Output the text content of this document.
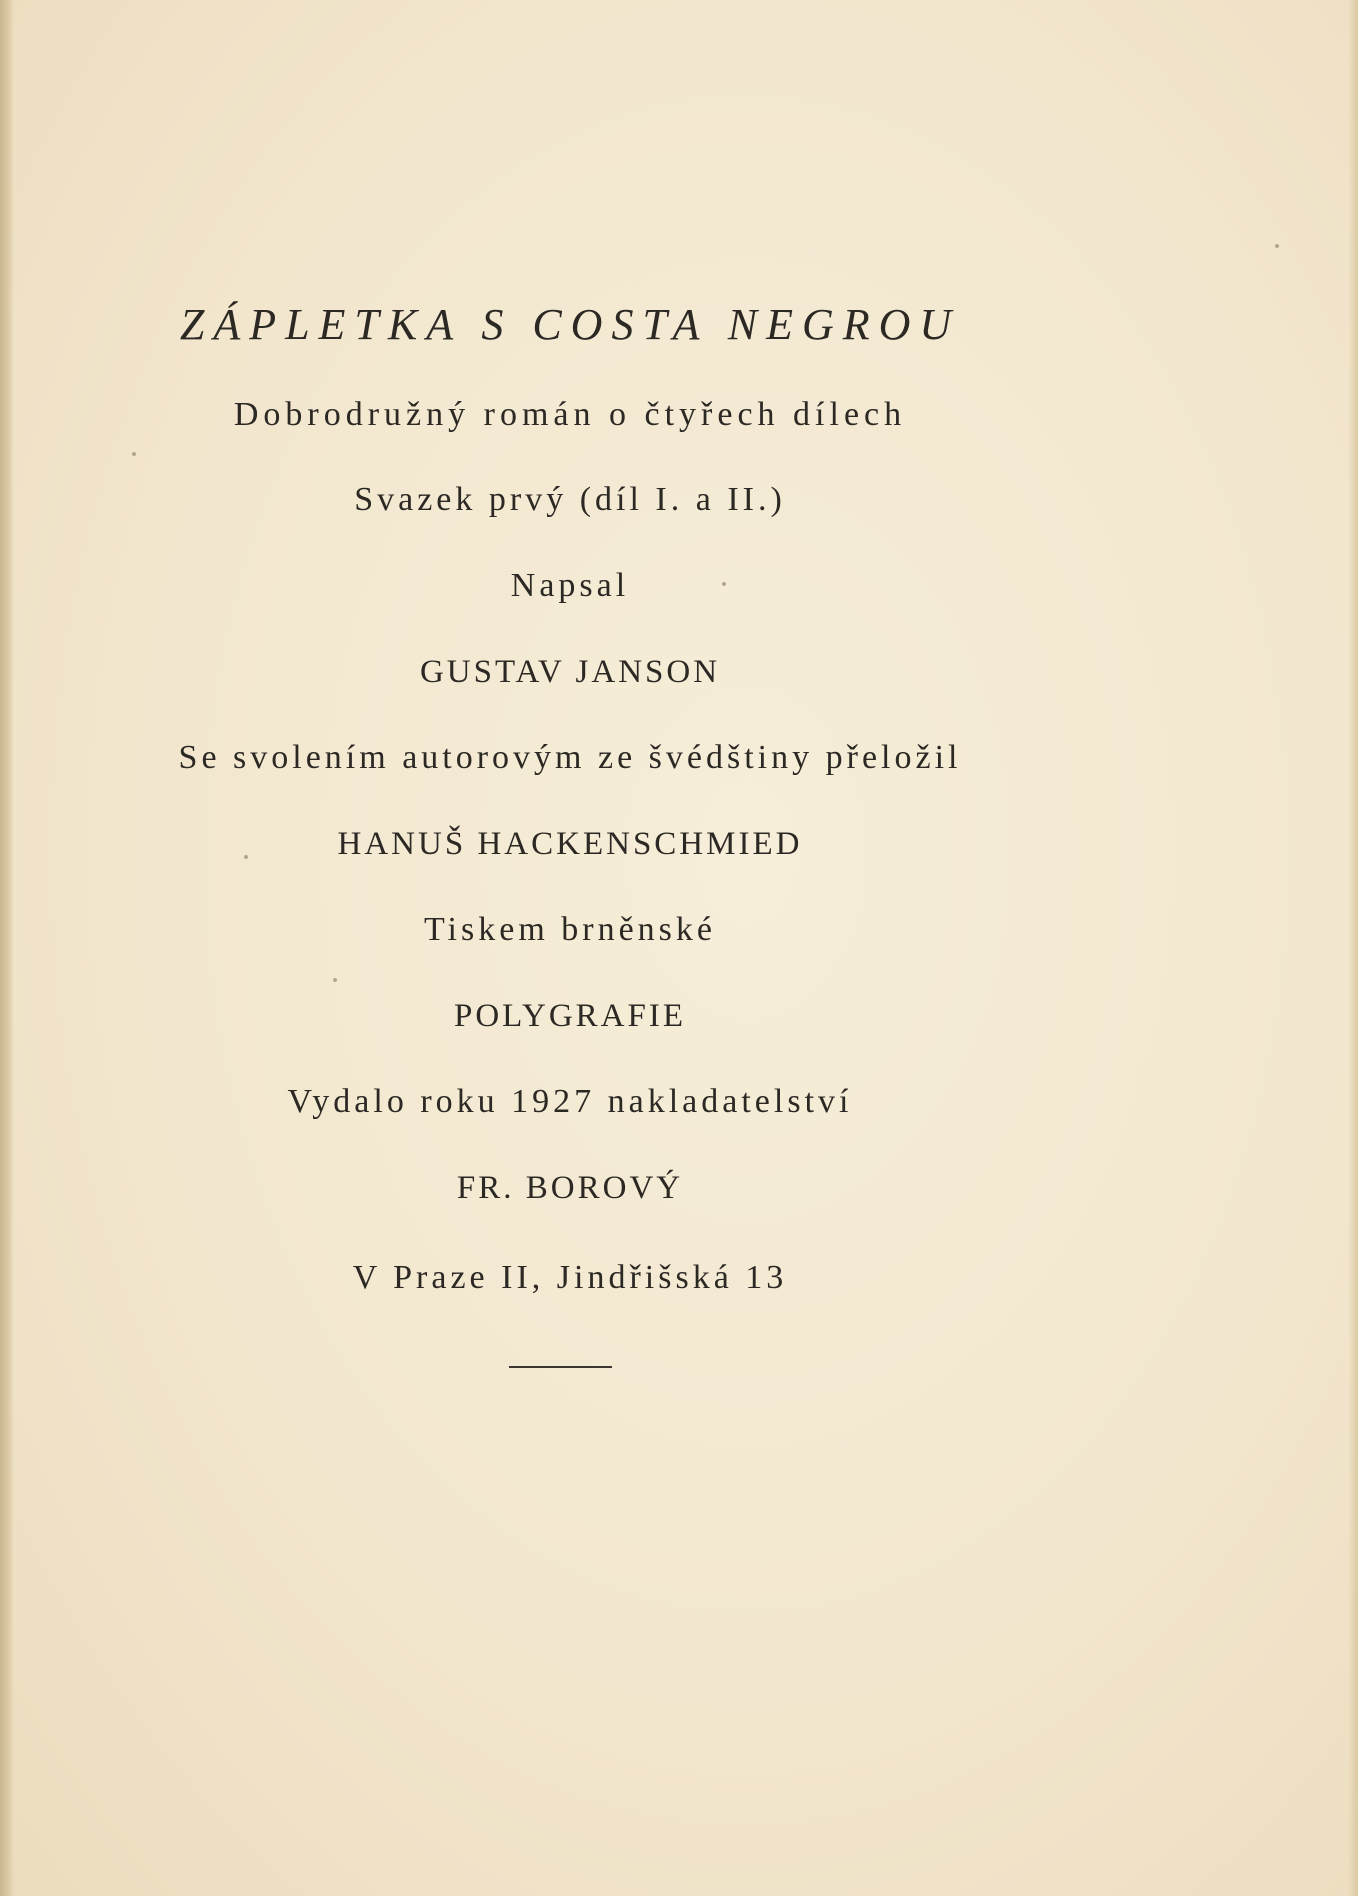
ZÁPLETKA S COSTA NEGROU
Dobrodružný román o čtyřech dílech
Svazek prvý (díl I. a II.)
Napsal
GUSTAV JANSON
Se svolením autorovým ze švédštiny přeložil
HANUŠ HACKENSCHMIED
Tiskem brněnské
POLYGRAFIE
Vydalo roku 1927 nakladatelství
FR. BOROVÝ
V Praze II, Jindřišská 13
